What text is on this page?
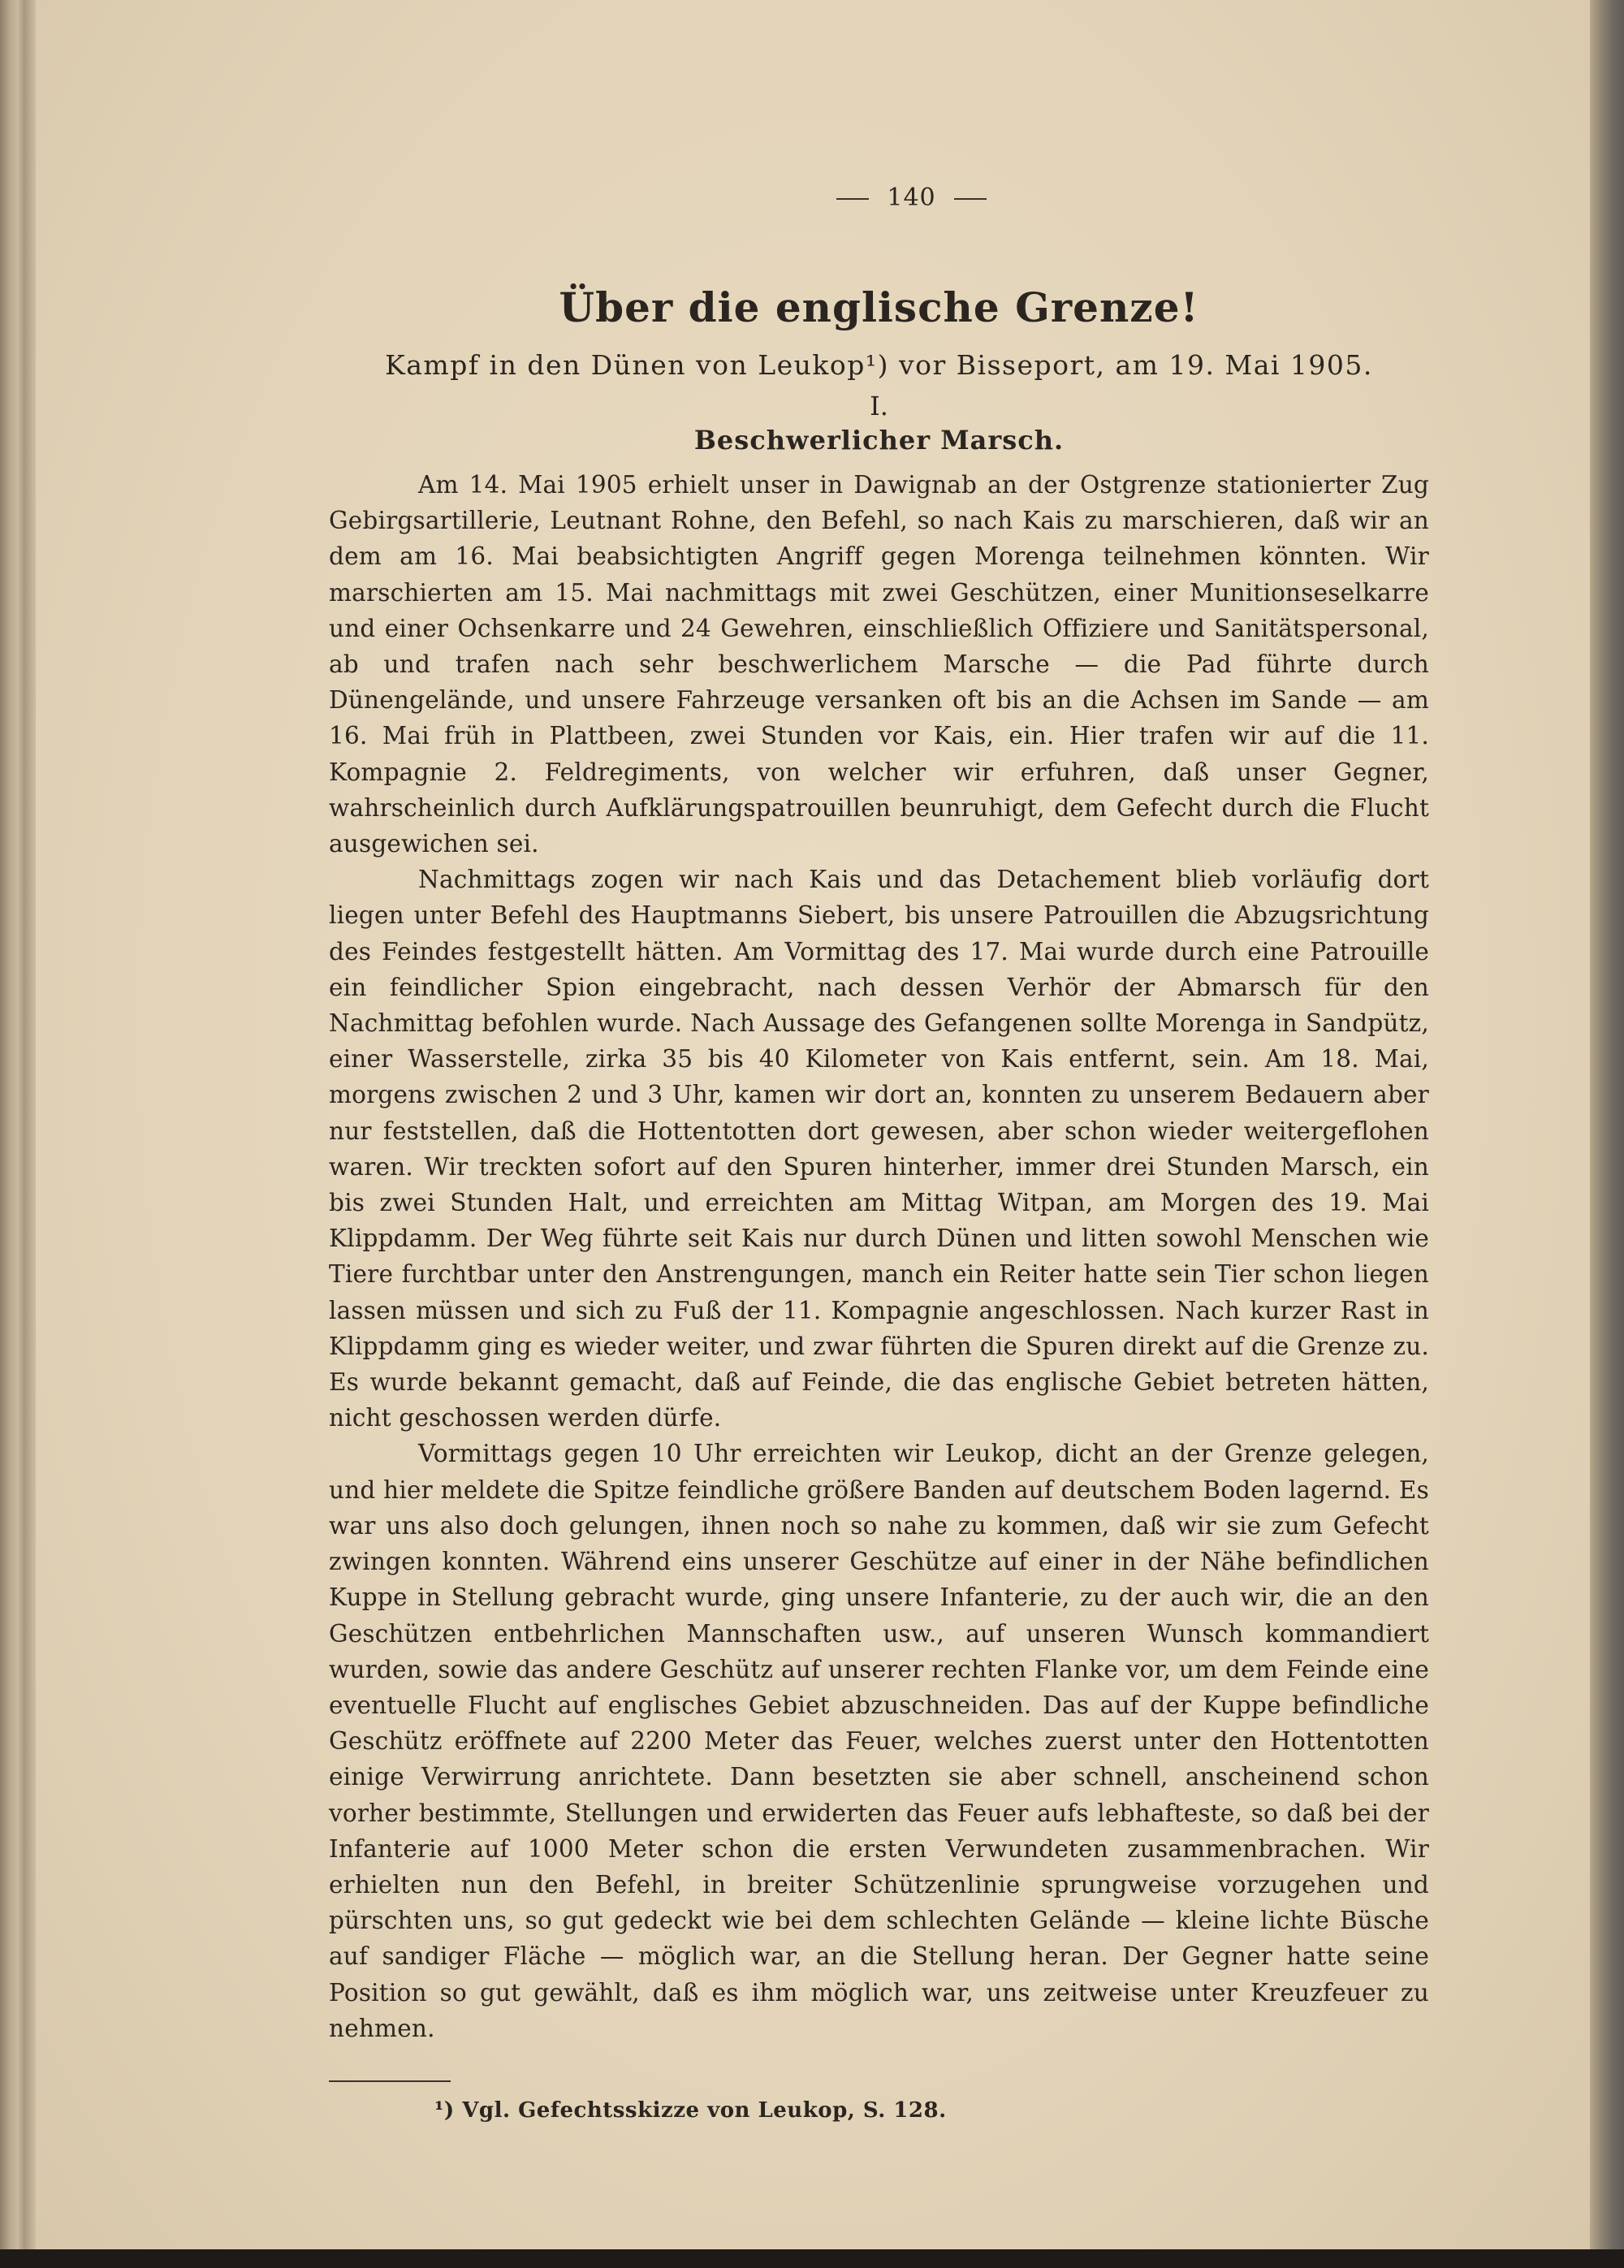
140
Über die englische Grenze!
Kampf in den Dünen von Leukop¹) vor Bisseport, am 19. Mai 1905.
I.
Beschwerlicher Marsch.

Am 14. Mai 1905 erhielt unser in Dawignab an der Ostgrenze stationierter Zug Gebirgsartillerie, Leutnant Rohne, den Befehl, so nach Kais zu marschieren, daß wir an dem am 16. Mai beabsichtigten Angriff gegen Morenga teilnehmen könnten. Wir marschierten am 15. Mai nachmittags mit zwei Geschützen, einer Munitionseselkarre und einer Ochsenkarre und 24 Gewehren, einschließlich Offiziere und Sanitätspersonal, ab und trafen nach sehr beschwerlichem Marsche — die Pad führte durch Dünengelände, und unsere Fahrzeuge versanken oft bis an die Achsen im Sande — am 16. Mai früh in Plattbeen, zwei Stunden vor Kais, ein. Hier trafen wir auf die 11. Kompagnie 2. Feldregiments, von welcher wir erfuhren, daß unser Gegner, wahrscheinlich durch Aufklärungspatrouillen beunruhigt, dem Gefecht durch die Flucht ausgewichen sei.

Nachmittags zogen wir nach Kais und das Detachement blieb vorläufig dort liegen unter Befehl des Hauptmanns Siebert, bis unsere Patrouillen die Abzugsrichtung des Feindes festgestellt hätten. Am Vormittag des 17. Mai wurde durch eine Patrouille ein feindlicher Spion eingebracht, nach dessen Verhör der Abmarsch für den Nachmittag befohlen wurde. Nach Aussage des Gefangenen sollte Morenga in Sandpütz, einer Wasserstelle, zirka 35 bis 40 Kilometer von Kais entfernt, sein. Am 18. Mai, morgens zwischen 2 und 3 Uhr, kamen wir dort an, konnten zu unserem Bedauern aber nur feststellen, daß die Hottentotten dort gewesen, aber schon wieder weitergeflohen waren. Wir treckten sofort auf den Spuren hinterher, immer drei Stunden Marsch, ein bis zwei Stunden Halt, und erreichten am Mittag Witpan, am Morgen des 19. Mai Klippdamm. Der Weg führte seit Kais nur durch Dünen und litten sowohl Menschen wie Tiere furchtbar unter den Anstrengungen, manch ein Reiter hatte sein Tier schon liegen lassen müssen und sich zu Fuß der 11. Kompagnie angeschlossen. Nach kurzer Rast in Klippdamm ging es wieder weiter, und zwar führten die Spuren direkt auf die Grenze zu. Es wurde bekannt gemacht, daß auf Feinde, die das englische Gebiet betreten hätten, nicht geschossen werden dürfe.

Vormittags gegen 10 Uhr erreichten wir Leukop, dicht an der Grenze gelegen, und hier meldete die Spitze feindliche größere Banden auf deutschem Boden lagernd. Es war uns also doch gelungen, ihnen noch so nahe zu kommen, daß wir sie zum Gefecht zwingen konnten. Während eins unserer Geschütze auf einer in der Nähe befindlichen Kuppe in Stellung gebracht wurde, ging unsere Infanterie, zu der auch wir, die an den Geschützen entbehrlichen Mannschaften usw., auf unseren Wunsch kommandiert wurden, sowie das andere Geschütz auf unserer rechten Flanke vor, um dem Feinde eine eventuelle Flucht auf englisches Gebiet abzuschneiden. Das auf der Kuppe befindliche Geschütz eröffnete auf 2200 Meter das Feuer, welches zuerst unter den Hottentotten einige Verwirrung anrichtete. Dann besetzten sie aber schnell, anscheinend schon vorher bestimmte, Stellungen und erwiderten das Feuer aufs lebhafteste, so daß bei der Infanterie auf 1000 Meter schon die ersten Verwundeten zusammenbrachen. Wir erhielten nun den Befehl, in breiter Schützenlinie sprungweise vorzugehen und pürschten uns, so gut gedeckt wie bei dem schlechten Gelände — kleine lichte Büsche auf sandiger Fläche — möglich war, an die Stellung heran. Der Gegner hatte seine Position so gut gewählt, daß es ihm möglich war, uns zeitweise unter Kreuzfeuer zu nehmen.

¹) Vgl. Gefechtsskizze von Leukop, S. 128.
